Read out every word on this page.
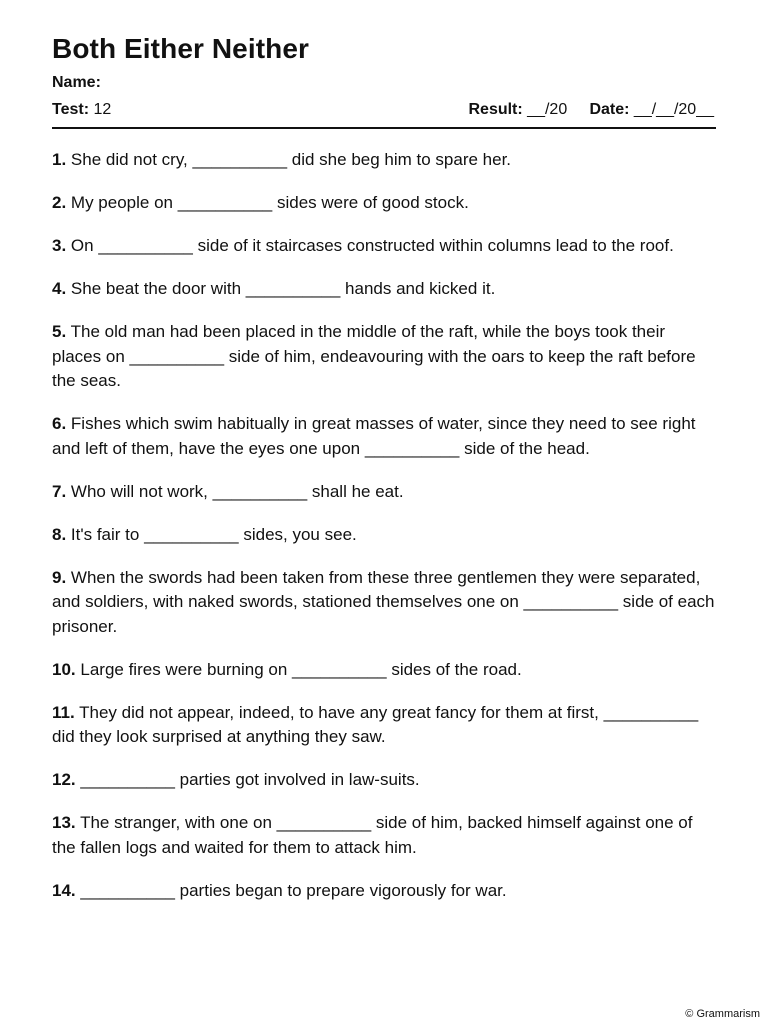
Both Either Neither
Name:
Test: 12	Result: __/20 Date: __/__/20__
1. She did not cry, __________ did she beg him to spare her.
2. My people on __________ sides were of good stock.
3. On __________ side of it staircases constructed within columns lead to the roof.
4. She beat the door with __________ hands and kicked it.
5. The old man had been placed in the middle of the raft, while the boys took their places on __________ side of him, endeavouring with the oars to keep the raft before the seas.
6. Fishes which swim habitually in great masses of water, since they need to see right and left of them, have the eyes one upon __________ side of the head.
7. Who will not work, __________ shall he eat.
8. It's fair to __________ sides, you see.
9. When the swords had been taken from these three gentlemen they were separated, and soldiers, with naked swords, stationed themselves one on __________ side of each prisoner.
10. Large fires were burning on __________ sides of the road.
11. They did not appear, indeed, to have any great fancy for them at first, __________ did they look surprised at anything they saw.
12. __________ parties got involved in law-suits.
13. The stranger, with one on __________ side of him, backed himself against one of the fallen logs and waited for them to attack him.
14. __________ parties began to prepare vigorously for war.
© Grammarism
